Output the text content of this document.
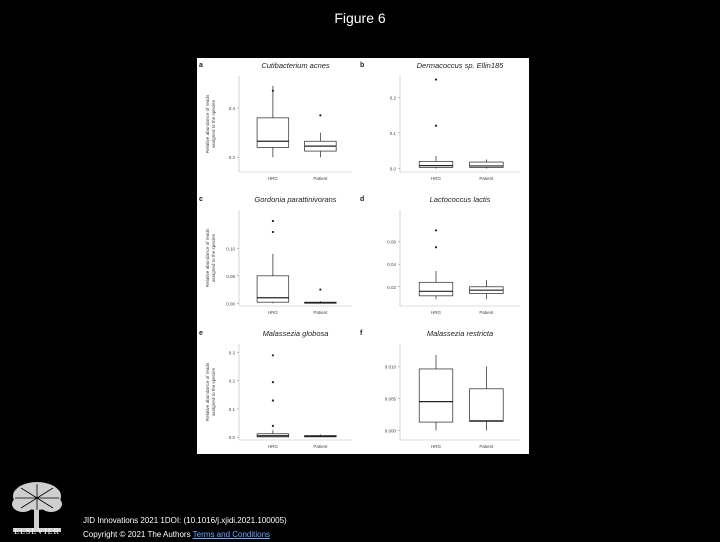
Figure 6
a	Cutibacterium acnes
0.4
0.2
HRG	Patient
Relative abundance of reads assigned to the species
b	Dermacoccus sp. Ellin185
0.2
0.1
0.0
HRG	Patient
c	Gordonia parattinivorans
0.10
0.05
0.00
HRG	Patient
Relative abundance of reads assigned to the species
d	Lactococcus lactis
0.06
0.04
0.02
HRG	Patient
e	Malassezia globosa
0.3
0.2
0.1
0.0
HRG	Patient
Relative abundance of reads assigned to the species
f	Malassezia restricta
0.010
0.005
0.000
HRG	Patient
ELSEVIER
JID Innovations 2021 1DOI: (10.1016/j.xjidi.2021.100005)
Copyright © 2021 The Authors Terms and Conditions
